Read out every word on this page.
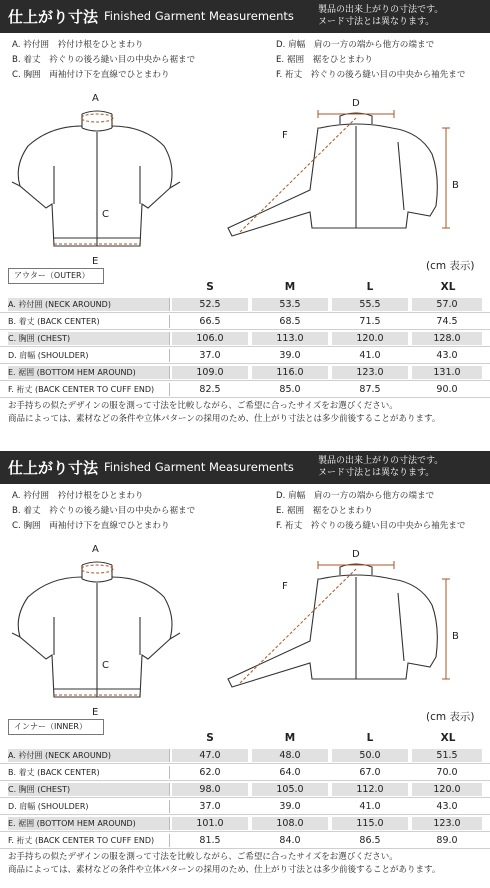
仕上がり寸法 Finished Garment Measurements	製品の出来上がりの寸法です。
ヌード寸法とは異なります。
A. 衿付囲　衿付け根をひとまわり
B. 着丈　衿ぐりの後ろ縫い目の中央から裾まで
C. 胸囲　両袖付け下を直線でひとまわり
D. 肩幅　肩の一方の端から他方の端まで
E. 裾囲　裾をひとまわり
F. 裄丈　衿ぐりの後ろ縫い目の中央から袖先まで
A
C
E
D
B
F
(cm 表示)
アウター（OUTER）
S	M	L	XL
A. 衿付囲 (NECK AROUND)	52.5	53.5	55.5	57.0
B. 着丈 (BACK CENTER)	66.5	68.5	71.5	74.5
C. 胸囲 (CHEST)	106.0	113.0	120.0	128.0
D. 肩幅 (SHOULDER)	37.0	39.0	41.0	43.0
E. 裾囲 (BOTTOM HEM AROUND)	109.0	116.0	123.0	131.0
F. 裄丈 (BACK CENTER TO CUFF END)	82.5	85.0	87.5	90.0
お手持ちの似たデザインの服を測って寸法を比較しながら、ご希望に合ったサイズをお選びください。
商品によっては、素材などの条件や立体パターンの採用のため、仕上がり寸法とは多少前後することがあります。
仕上がり寸法 Finished Garment Measurements	製品の出来上がりの寸法です。
ヌード寸法とは異なります。
A. 衿付囲　衿付け根をひとまわり
B. 着丈　衿ぐりの後ろ縫い目の中央から裾まで
C. 胸囲　両袖付け下を直線でひとまわり
D. 肩幅　肩の一方の端から他方の端まで
E. 裾囲　裾をひとまわり
F. 裄丈　衿ぐりの後ろ縫い目の中央から袖先まで
A
C
E
D
B
F
(cm 表示)
インナー（INNER）
S	M	L	XL
A. 衿付囲 (NECK AROUND)	47.0	48.0	50.0	51.5
B. 着丈 (BACK CENTER)	62.0	64.0	67.0	70.0
C. 胸囲 (CHEST)	98.0	105.0	112.0	120.0
D. 肩幅 (SHOULDER)	37.0	39.0	41.0	43.0
E. 裾囲 (BOTTOM HEM AROUND)	101.0	108.0	115.0	123.0
F. 裄丈 (BACK CENTER TO CUFF END)	81.5	84.0	86.5	89.0
お手持ちの似たデザインの服を測って寸法を比較しながら、ご希望に合ったサイズをお選びください。
商品によっては、素材などの条件や立体パターンの採用のため、仕上がり寸法とは多少前後することがあります。
